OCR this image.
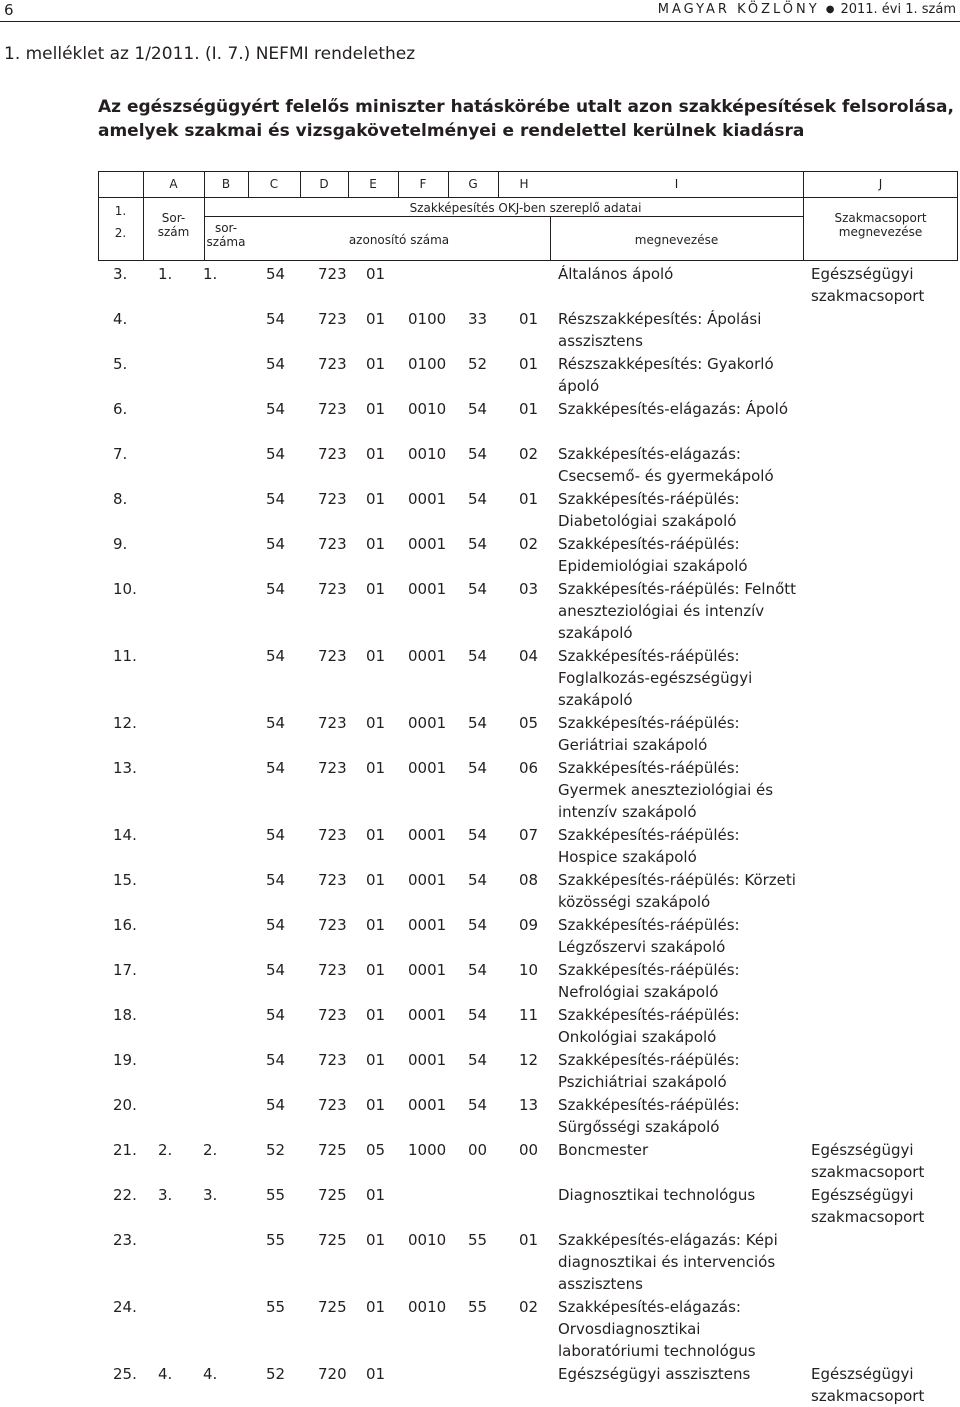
6	MAGYAR KÖZLÖNY ● 2011. évi 1. szám
1. melléklet az 1/2011. (I. 7.) NEFMI rendelethez
Az egészségügyért felelős miniszter hatáskörébe utalt azon szakképesítések felsorolása, amelyek szakmai és vizsgakövetelményei e rendelettel kerülnek kiadásra
A	B	C	D	E	F	G	H	I	J
1.
2.
Sor-
szám	sor-
száma
Szakképesítés OKJ-ben szereplő adatai
azonosító száma	megnevezése
Szakmacsoport
megnevezése
3. 1. 1.	54 723 01	Általános ápoló	Egészségügyi szakmacsoport
4.	54 723 01 0100 33 01 Részszakképesítés: Ápolási asszisztens
5.	54 723 01 0100 52 01 Részszakképesítés: Gyakorló ápoló
6.	54 723 01 0010 54 01 Szakképesítés-elágazás: Ápoló
7.	54 723 01 0010 54 02 Szakképesítés-elágazás: Csecsemő- és gyermekápoló
8.	54 723 01 0001 54 01 Szakképesítés-ráépülés: Diabetológiai szakápoló
9.	54 723 01 0001 54 02 Szakképesítés-ráépülés: Epidemiológiai szakápoló
10.	54 723 01 0001 54 03 Szakképesítés-ráépülés: Felnőtt aneszteziológiai és intenzív szakápoló
11.	54 723 01 0001 54 04 Szakképesítés-ráépülés: Foglalkozás-egészségügyi szakápoló
12.	54 723 01 0001 54 05 Szakképesítés-ráépülés: Geriátriai szakápoló
13.	54 723 01 0001 54 06 Szakképesítés-ráépülés: Gyermek aneszteziológiai és intenzív szakápoló
14.	54 723 01 0001 54 07 Szakképesítés-ráépülés: Hospice szakápoló
15.	54 723 01 0001 54 08 Szakképesítés-ráépülés: Körzeti közösségi szakápoló
16.	54 723 01 0001 54 09 Szakképesítés-ráépülés: Légzőszervi szakápoló
17.	54 723 01 0001 54 10 Szakképesítés-ráépülés: Nefrológiai szakápoló
18.	54 723 01 0001 54 11 Szakképesítés-ráépülés: Onkológiai szakápoló
19.	54 723 01 0001 54 12 Szakképesítés-ráépülés: Pszichiátriai szakápoló
20.	54 723 01 0001 54 13 Szakképesítés-ráépülés: Sürgősségi szakápoló
21. 2. 2.	52 725 05 1000 00 00 Boncmester	Egészségügyi szakmacsoport
22. 3. 3.	55 725 01	Diagnosztikai technológus	Egészségügyi szakmacsoport
23.	55 725 01 0010 55 01 Szakképesítés-elágazás: Képi diagnosztikai és intervenciós asszisztens
24.	55 725 01 0010 55 02 Szakképesítés-elágazás: Orvosdiagnosztikai laboratóriumi technológus
25. 4. 4.	52 720 01	Egészségügyi asszisztens	Egészségügyi szakmacsoport
